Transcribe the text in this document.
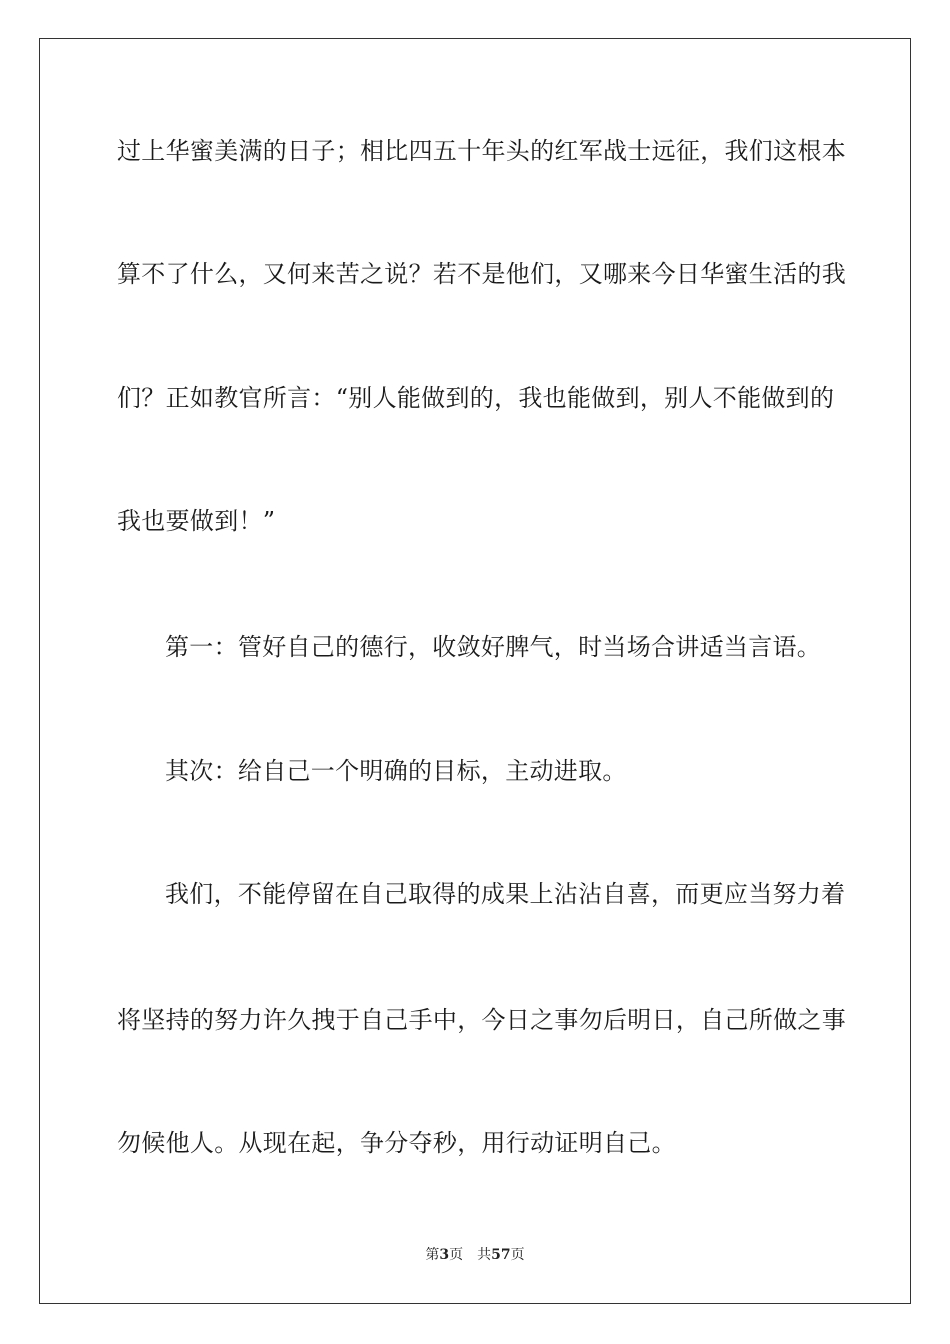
过上华蜜美满的日子；相比四五十年头的红军战士远征，我们这根本
算不了什么，又何来苦之说？若不是他们，又哪来今日华蜜生活的我
们？正如教官所言：“别人能做到的，我也能做到，别人不能做到的
我也要做到！”
第一：管好自己的德行，收敛好脾气，时当场合讲适当言语。
其次：给自己一个明确的目标，主动进取。
我们，不能停留在自己取得的成果上沾沾自喜，而更应当努力着
将坚持的努力许久拽于自己手中，今日之事勿后明日，自己所做之事
勿候他人。从现在起，争分夺秒，用行动证明自己。
第3页 共57页
